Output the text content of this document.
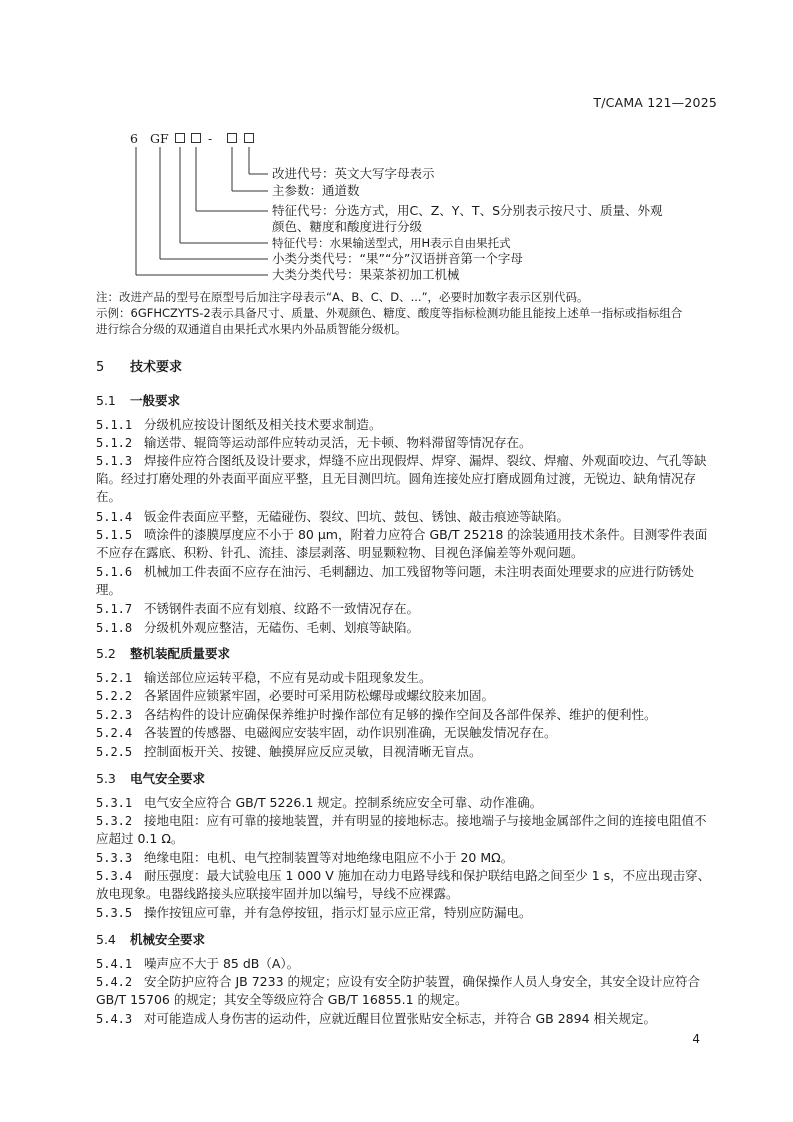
T/CAMA 121—2025
6 GF	-
改进代号：英文大写字母表示
主参数：通道数
特征代号：分选方式，用C、Z、Y、T、S分别表示按尺寸、质量、外观
颜色、糖度和酸度进行分级
特征代号：水果输送型式，用H表示自由果托式
小类分类代号：“果”“分”汉语拼音第一个字母
大类分类代号：果菜茶初加工机械
注：改进产品的型号在原型号后加注字母表示“A、B、C、D、...”，必要时加数字表示区别代码。
示例：6GFHCZYTS-2表示具备尺寸、质量、外观颜色、糖度、酸度等指标检测功能且能按上述单一指标或指标组合
进行综合分级的双通道自由果托式水果内外品质智能分级机。
5 技术要求
5.1 一般要求
5.1.1 分级机应按设计图纸及相关技术要求制造。
5.1.2 输送带、辊筒等运动部件应转动灵活，无卡顿、物料滞留等情况存在。
5.1.3 焊接件应符合图纸及设计要求，焊缝不应出现假焊、焊穿、漏焊、裂纹、焊瘤、外观面咬边、气孔等缺陷。经过打磨处理的外表面平面应平整，且无目测凹坑。圆角连接处应打磨成圆角过渡，无锐边、缺角情况存在。
5.1.4 钣金件表面应平整，无磕碰伤、裂纹、凹坑、鼓包、锈蚀、敲击痕迹等缺陷。
5.1.5 喷涂件的漆膜厚度应不小于 80 μm，附着力应符合 GB/T 25218 的涂装通用技术条件。目测零件表面不应存在露底、积粉、针孔、流挂、漆层剥落、明显颗粒物、目视色泽偏差等外观问题。
5.1.6 机械加工件表面不应存在油污、毛刺翻边、加工残留物等问题，未注明表面处理要求的应进行防锈处理。
5.1.7 不锈钢件表面不应有划痕、纹路不一致情况存在。
5.1.8 分级机外观应整洁，无磕伤、毛刺、划痕等缺陷。
5.2 整机装配质量要求
5.2.1 输送部位应运转平稳，不应有晃动或卡阻现象发生。
5.2.2 各紧固件应锁紧牢固，必要时可采用防松螺母或螺纹胶来加固。
5.2.3 各结构件的设计应确保保养维护时操作部位有足够的操作空间及各部件保养、维护的便利性。
5.2.4 各装置的传感器、电磁阀应安装牢固，动作识别准确，无误触发情况存在。
5.2.5 控制面板开关、按键、触摸屏应反应灵敏，目视清晰无盲点。
5.3 电气安全要求
5.3.1 电气安全应符合 GB/T 5226.1 规定。控制系统应安全可靠、动作准确。
5.3.2 接地电阻：应有可靠的接地装置，并有明显的接地标志。接地端子与接地金属部件之间的连接电阻值不应超过 0.1 Ω。
5.3.3 绝缘电阻：电机、电气控制装置等对地绝缘电阻应不小于 20 MΩ。
5.3.4 耐压强度：最大试验电压 1 000 V 施加在动力电路导线和保护联结电路之间至少 1 s，不应出现击穿、放电现象。电器线路接头应联接牢固并加以编号，导线不应裸露。
5.3.5 操作按钮应可靠，并有急停按钮，指示灯显示应正常，特别应防漏电。
5.4 机械安全要求
5.4.1 噪声应不大于 85 dB（A）。
5.4.2 安全防护应符合 JB 7233 的规定；应设有安全防护装置，确保操作人员人身安全，其安全设计应符合 GB/T 15706 的规定；其安全等级应符合 GB/T 16855.1 的规定。
5.4.3 对可能造成人身伤害的运动件，应就近醒目位置张贴安全标志，并符合 GB 2894 相关规定。
4
